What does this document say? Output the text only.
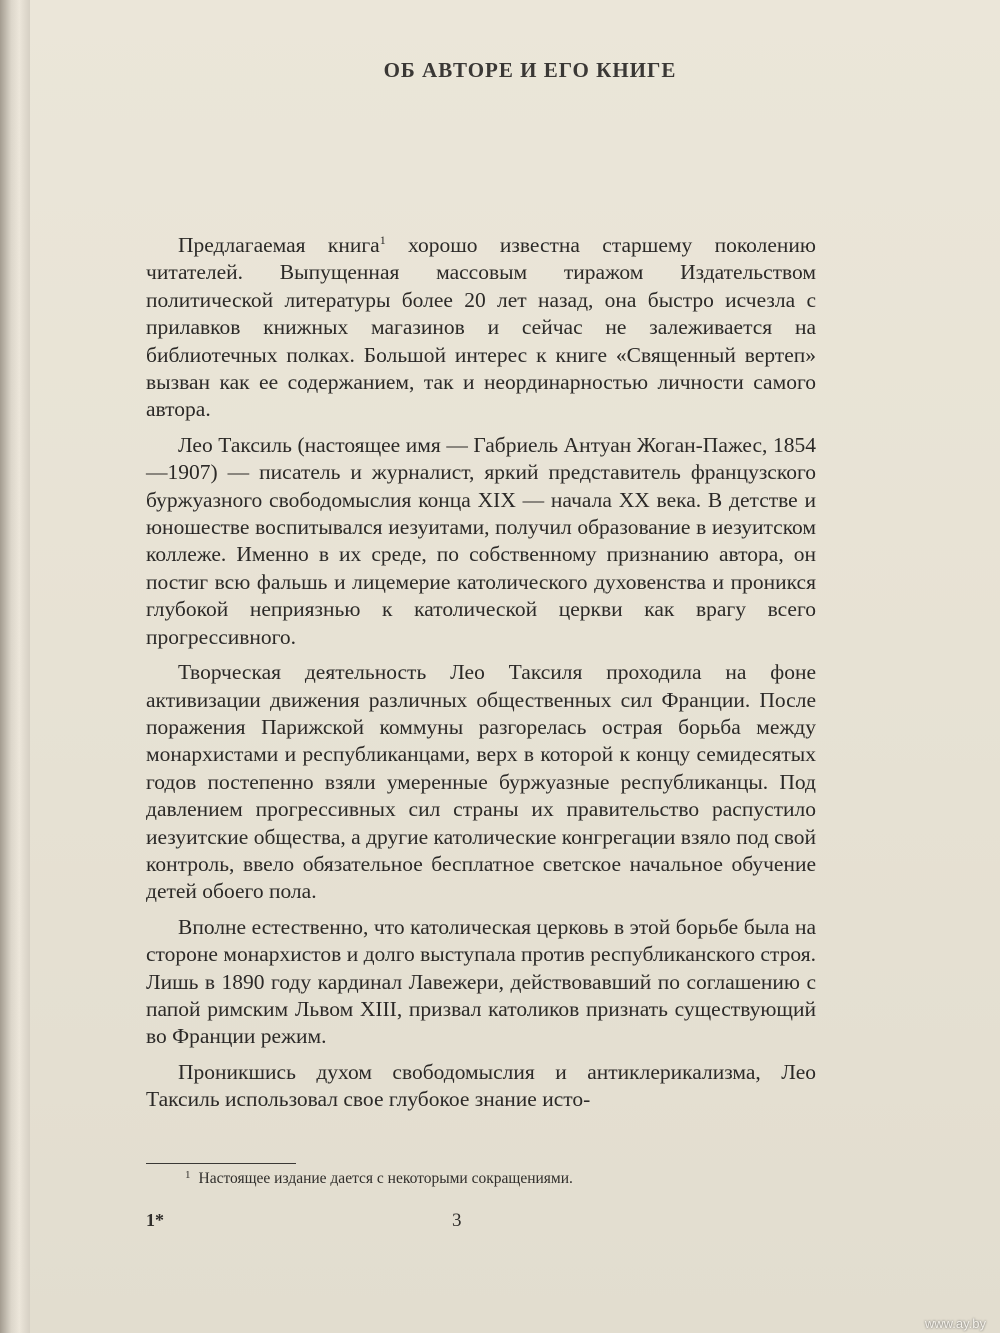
ОБ АВТОРЕ И ЕГО КНИГЕ

Предлагаемая книга$^1$ хорошо известна старшему поколению читателей. Выпущенная массовым тиражом Издательством политической литературы более 20 лет назад, она быстро исчезла с прилавков книжных магазинов и сейчас не залеживается на библиотечных полках. Большой интерес к книге «Священный вертеп» вызван как ее содержанием, так и неординарностью личности самого автора.

Лео Таксиль (настоящее имя — Габриель Антуан Жоган-Пажес, 1854—1907) — писатель и журналист, яркий представитель французского буржуазного свободомыслия конца XIX — начала XX века. В детстве и юношестве воспитывался иезуитами, получил образование в иезуитском коллеже. Именно в их среде, по собственному признанию автора, он постиг всю фальшь и лицемерие католического духовенства и проникся глубокой неприязнью к католической церкви как врагу всего прогрессивного.

Творческая деятельность Лео Таксиля проходила на фоне активизации движения различных общественных сил Франции. После поражения Парижской коммуны разгорелась острая борьба между монархистами и республиканцами, верх в которой к концу семидесятых годов постепенно взяли умеренные буржуазные республиканцы. Под давлением прогрессивных сил страны их правительство распустило иезуитские общества, а другие католические конгрегации взяло под свой контроль, ввело обязательное бесплатное светское начальное обучение детей обоего пола.

Вполне естественно, что католическая церковь в этой борьбе была на стороне монархистов и долго выступала против республиканского строя. Лишь в 1890 году кардинал Лавежери, действовавший по соглашению с папой римским Львом XIII, призвал католиков признать существующий во Франции режим.

Проникшись духом свободомыслия и антиклерикализма, Лео Таксиль использовал свое глубокое знание исто-

$^1$ Настоящее издание дается с некоторыми сокращениями.
1*	3
www.ay.by
